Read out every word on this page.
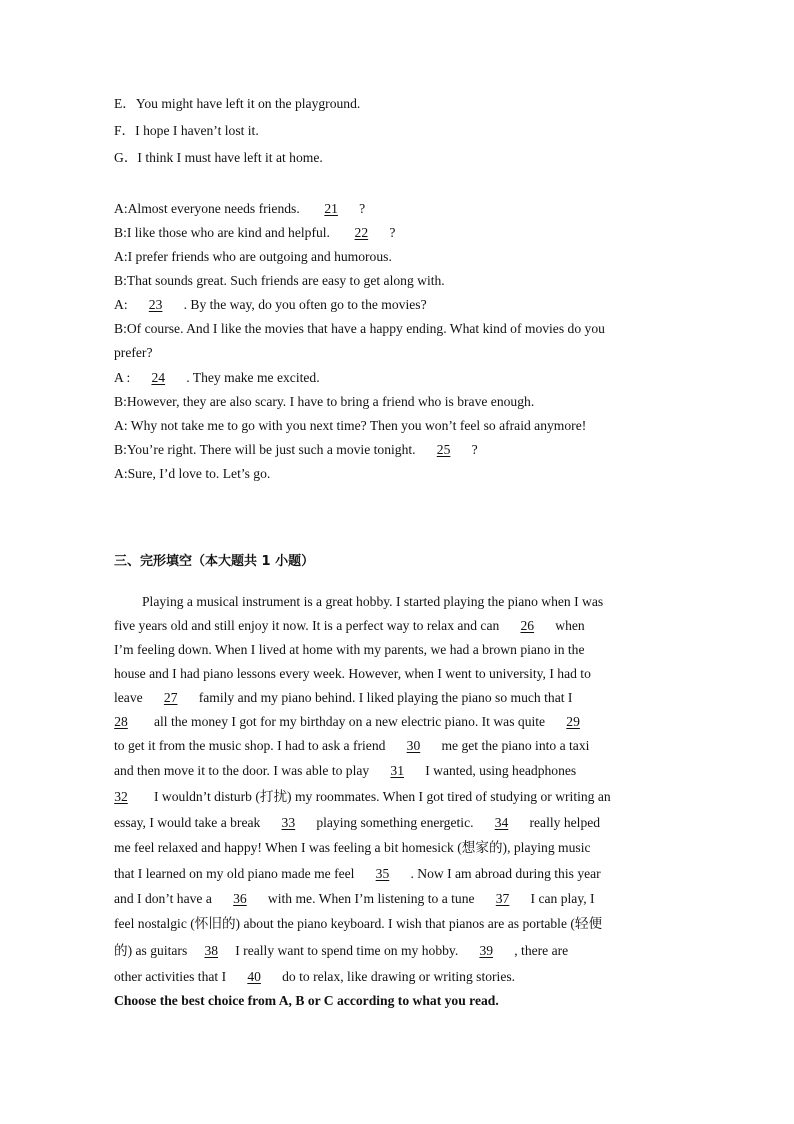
E．You might have left it on the playground.
F．I hope I haven’t lost it.
G．I think I must have left it at home.
A:Almost everyone needs friends. 21 ?
B:I like those who are kind and helpful. 22 ?
A:I prefer friends who are outgoing and humorous.
B:That sounds great. Such friends are easy to get along with.
A: 23 . By the way, do you often go to the movies?
B:Of course. And I like the movies that have a happy ending. What kind of movies do you
prefer?
A : 24 . They make me excited.
B:However, they are also scary. I have to bring a friend who is brave enough.
A: Why not take me to go with you next time? Then you won’t feel so afraid anymore!
B:You’re right. There will be just such a movie tonight. 25 ?
A:Sure, I’d love to. Let’s go.
三、完形填空（本大题共 1 小题）
Playing a musical instrument is a great hobby. I started playing the piano when I was
five years old and still enjoy it now. It is a perfect way to relax and can 26 when
I’m feeling down. When I lived at home with my parents, we had a brown piano in the
house and I had piano lessons every week. However, when I went to university, I had to
leave 27 family and my piano behind. I liked playing the piano so much that I
28 all the money I got for my birthday on a new electric piano. It was quite 29
to get it from the music shop. I had to ask a friend 30 me get the piano into a taxi
and then move it to the door. I was able to play 31 I wanted, using headphones
32 I wouldn’t disturb (打扰) my roommates. When I got tired of studying or writing an
essay, I would take a break 33 playing something energetic. 34 really helped
me feel relaxed and happy! When I was feeling a bit homesick (想家的), playing music
that I learned on my old piano made me feel 35 . Now I am abroad during this year
and I don’t have a 36 with me. When I’m listening to a tune 37 I can play, I
feel nostalgic (怀旧的) about the piano keyboard. I wish that pianos are as portable (轻便
的) as guitars 38 I really want to spend time on my hobby. 39 , there are
other activities that I 40 do to relax, like drawing or writing stories.
Choose the best choice from A, B or C according to what you read.
